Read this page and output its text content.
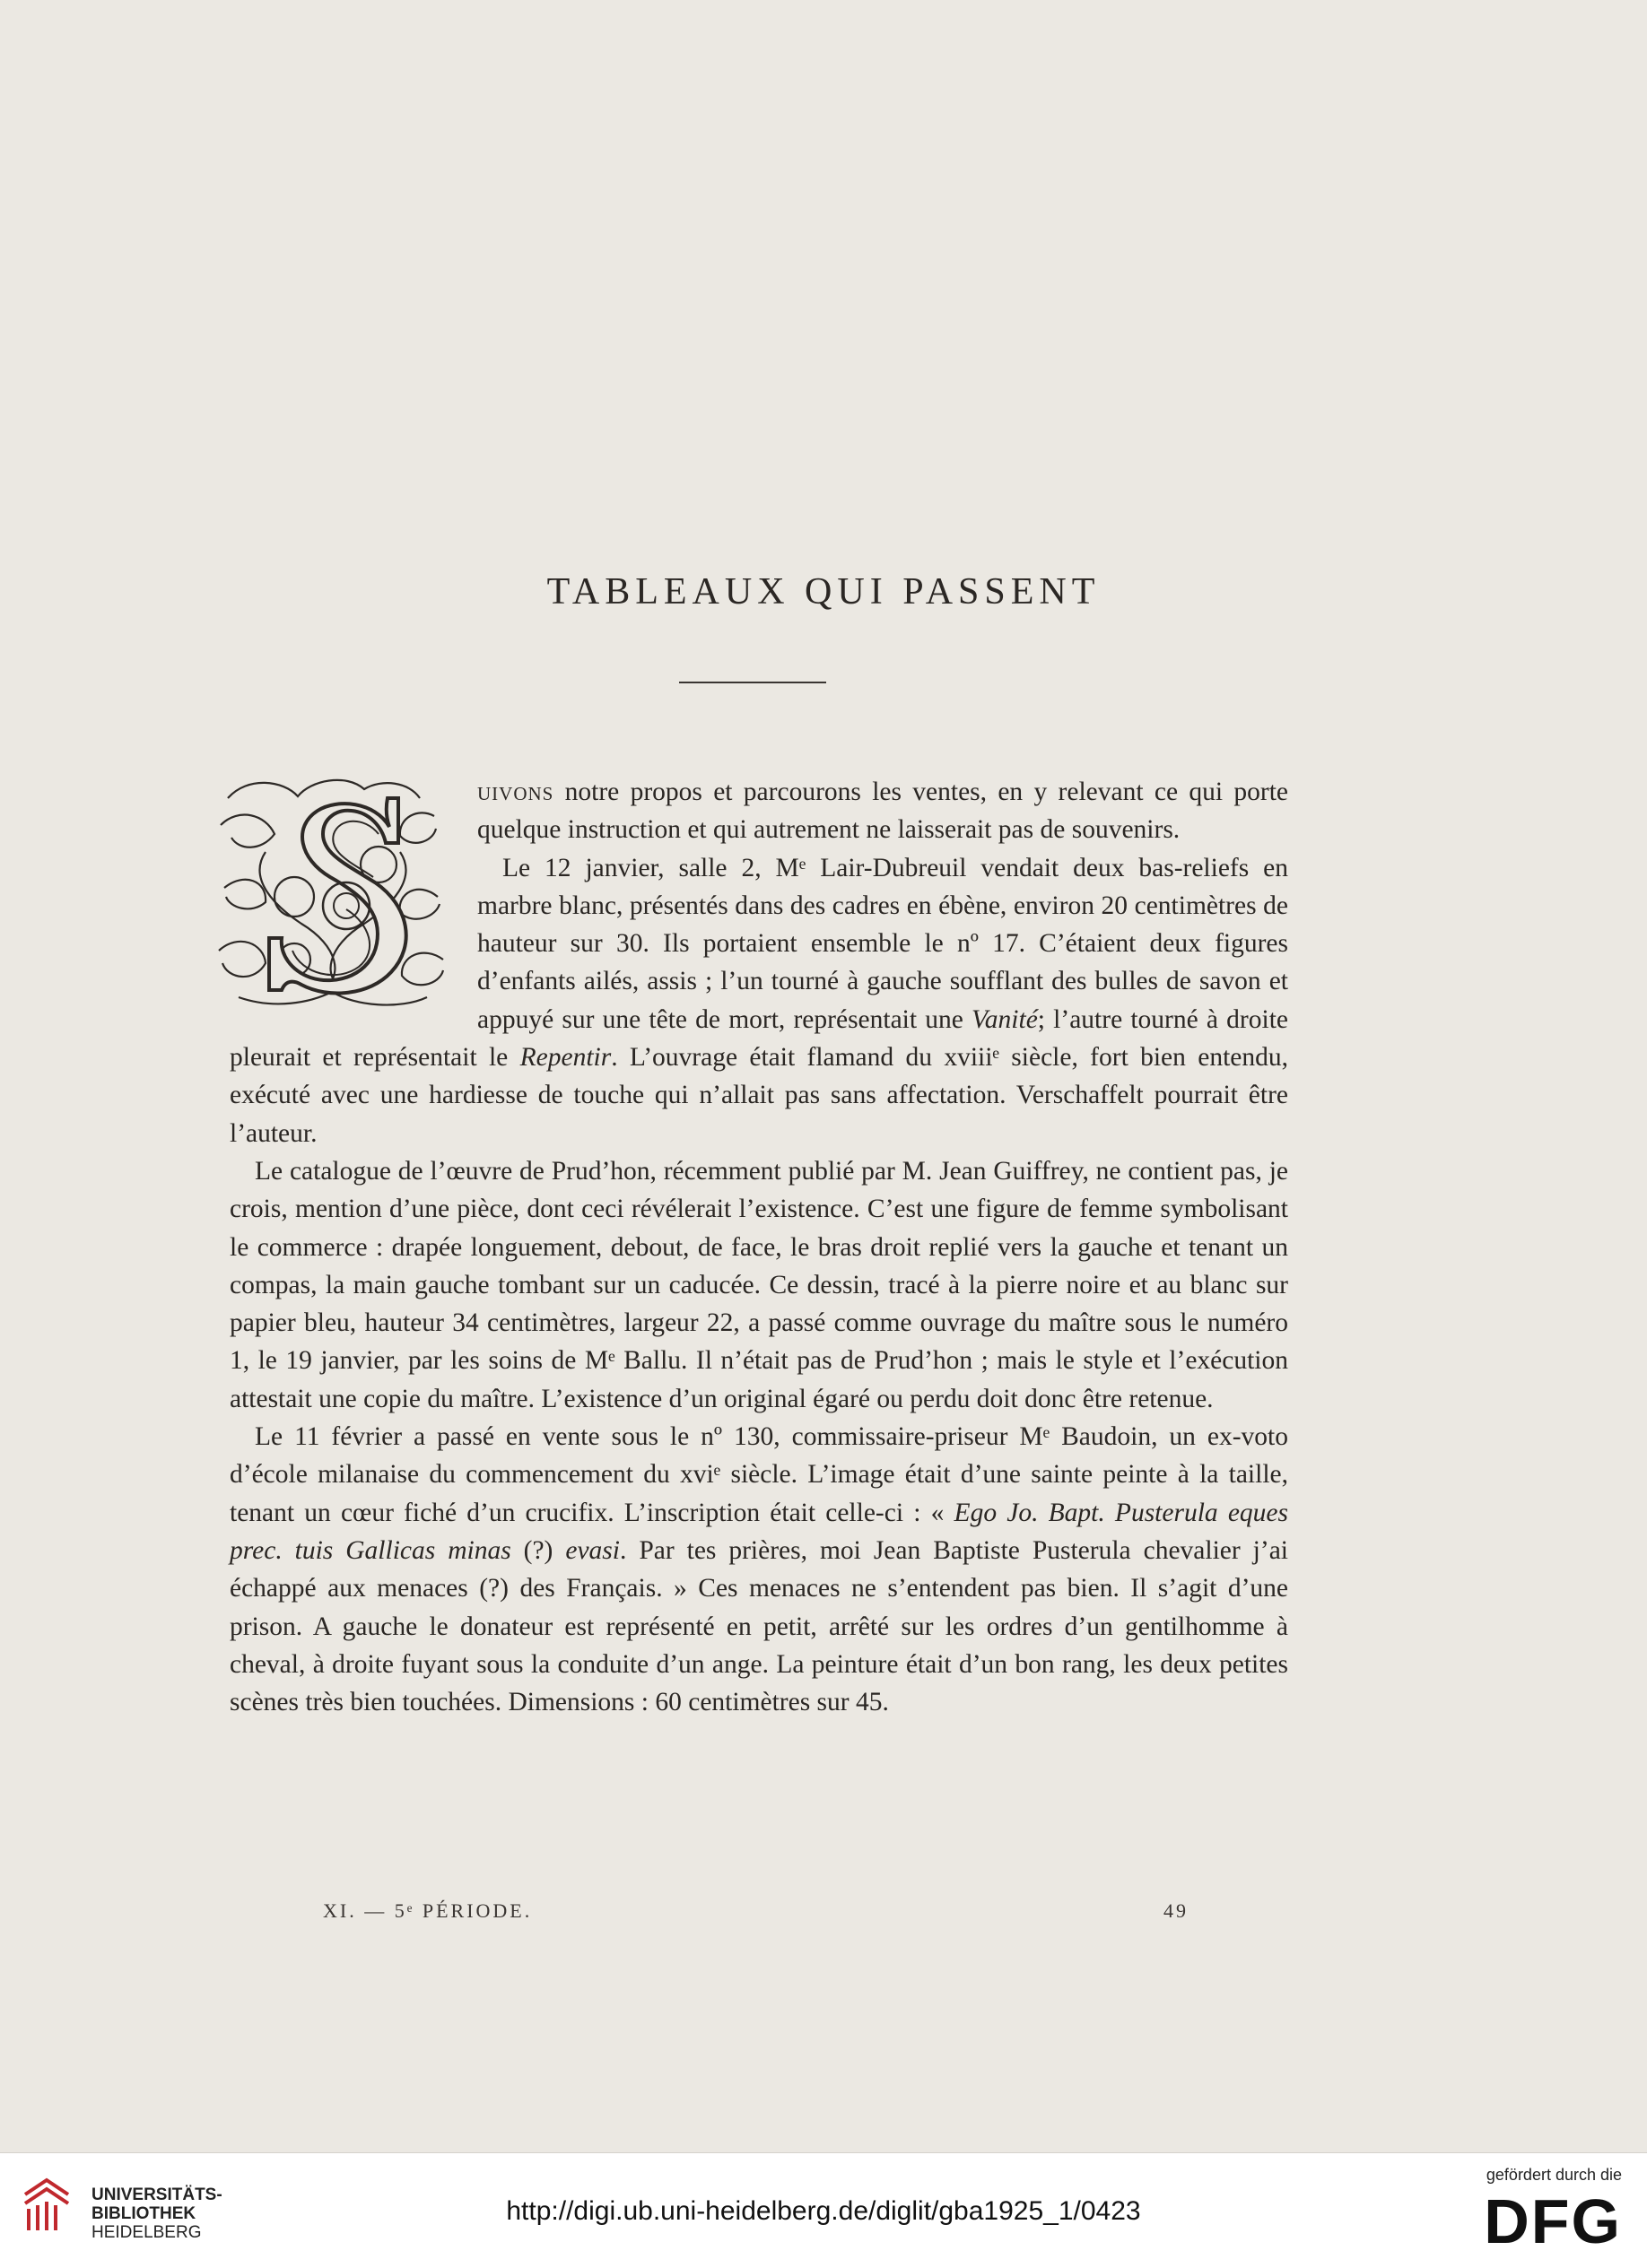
TABLEAUX QUI PASSENT

uivons notre propos et parcourons les ventes, en y relevant ce qui porte quelque instruction et qui autrement ne laisserait pas de souvenirs.

Le 12 janvier, salle 2, Mᵉ Lair-Dubreuil vendait deux bas-reliefs en marbre blanc, présentés dans des cadres en ébène, environ 20 centimètres de hauteur sur 30. Ils portaient ensemble le nº 17. C’étaient deux figures d’enfants ailés, assis ; l’un tourné à gauche soufflant des bulles de savon et appuyé sur une tête de mort, représentait une Vanité; l’autre tourné à droite pleurait et représentait le Repentir. L’ouvrage était flamand du xviiiᵉ siècle, fort bien entendu, exécuté avec une hardiesse de touche qui n’allait pas sans affectation. Verschaffelt pourrait être l’auteur.

Le catalogue de l’œuvre de Prud’hon, récemment publié par M. Jean Guiffrey, ne contient pas, je crois, mention d’une pièce, dont ceci révélerait l’existence. C’est une figure de femme symbolisant le commerce : drapée longuement, debout, de face, le bras droit replié vers la gauche et tenant un compas, la main gauche tombant sur un caducée. Ce dessin, tracé à la pierre noire et au blanc sur papier bleu, hauteur 34 centimètres, largeur 22, a passé comme ouvrage du maître sous le numéro 1, le 19 janvier, par les soins de Mᵉ Ballu. Il n’était pas de Prud’hon ; mais le style et l’exécution attestait une copie du maître. L’existence d’un original égaré ou perdu doit donc être retenue.

Le 11 février a passé en vente sous le nº 130, commissaire-priseur Mᵉ Baudoin, un ex-voto d’école milanaise du commencement du xviᵉ siècle. L’image était d’une sainte peinte à la taille, tenant un cœur fiché d’un crucifix. L’inscription était celle-ci : « Ego Jo. Bapt. Pusterula eques prec. tuis Gallicas minas (?) evasi. Par tes prières, moi Jean Baptiste Pusterula chevalier j’ai échappé aux menaces (?) des Français. » Ces menaces ne s’entendent pas bien. Il s’agit d’une prison. A gauche le donateur est représenté en petit, arrêté sur les ordres d’un gentilhomme à cheval, à droite fuyant sous la conduite d’un ange. La peinture était d’un bon rang, les deux petites scènes très bien touchées. Dimensions : 60 centimètres sur 45.

XI. — 5ᵉ PÉRIODE.	49
UNIVERSITÄTS-
BIBLIOTHEK
HEIDELBERG
http://digi.ub.uni-heidelberg.de/diglit/gba1925_1/0423
gefördert durch die
DFG
